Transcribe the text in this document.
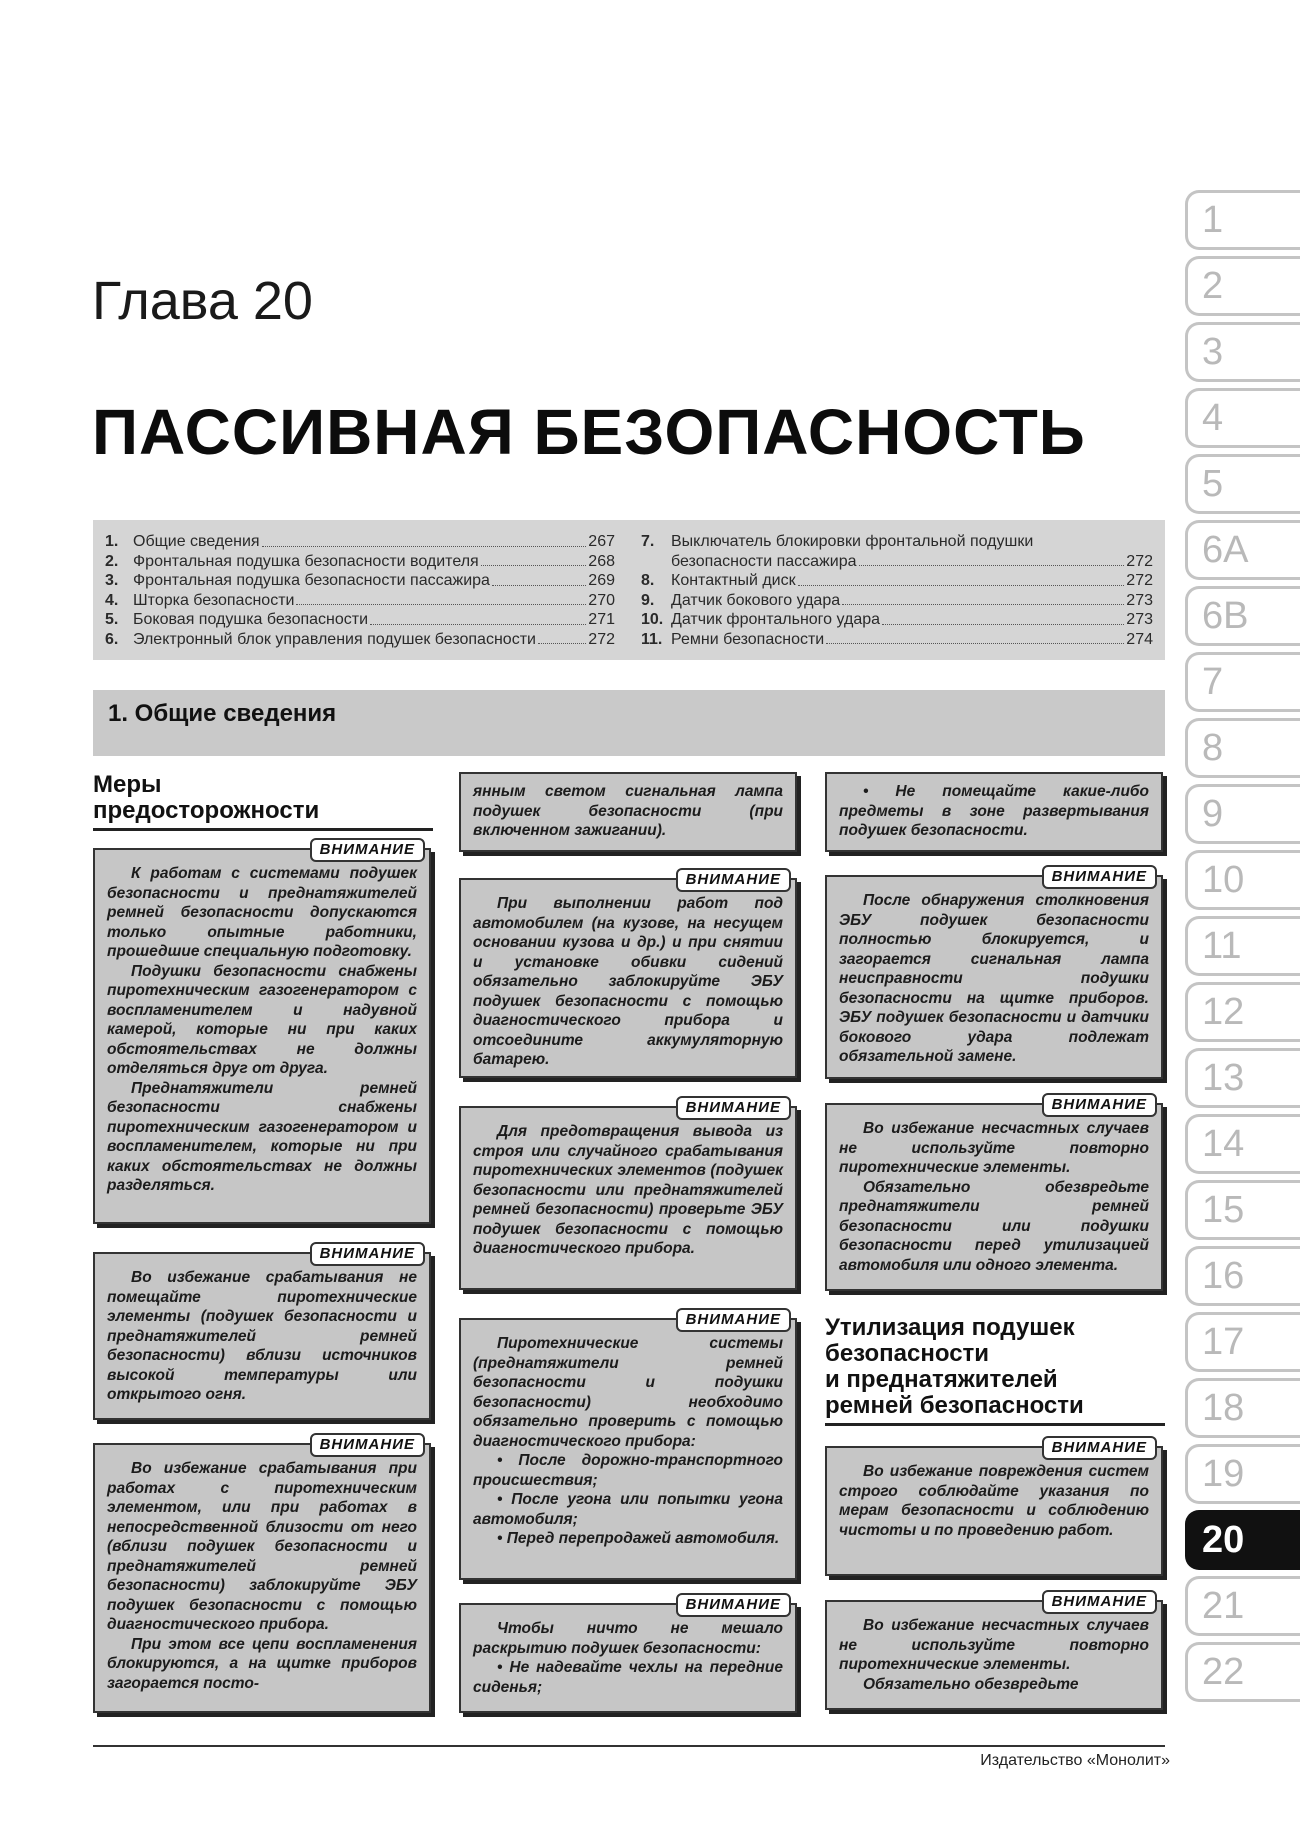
Глава 20
ПАССИВНАЯ БЕЗОПАСНОСТЬ
1. Общие сведения	267
2. Фронтальная подушка безопасности водителя	268
3. Фронтальная подушка безопасности пассажира	269
4. Шторка безопасности	270
5. Боковая подушка безопасности	271
6. Электронный блок управления подушек безопасности	272
7.	Выключатель блокировки фронтальной подушки
безопасности пассажира	272
8.	Контактный диск	272
9.	Датчик бокового удара	273
10. Датчик фронтального удара	273
11. Ремни безопасности	274
1. Общие сведения
Меры
предосторожности
ВНИМАНИЕ

К работам с системами подушек безопасности и преднатяжителей ремней безопасности допускаются только опытные работники, прошедшие специальную подготовку.

Подушки безопасности снабжены пиротехническим газогенератором с воспламенителем и надувной камерой, которые ни при каких обстоятельствах не должны отделяться друг от друга.

Преднатяжители ремней безопасности снабжены пиротехническим газогенератором и воспламенителем, которые ни при каких обстоятельствах не должны разделяться.

ВНИМАНИЕ

Во избежание срабатывания не помещайте пиротехнические элементы (подушек безопасности и преднатяжителей ремней безопасности) вблизи источников высокой температуры или открытого огня.

ВНИМАНИЕ

Во избежание срабатывания при работах с пиротехническим элементом, или при работах в непосредственной близости от него (вблизи подушек безопасности и преднатяжителей ремней безопасности) заблокируйте ЭБУ подушек безопасности с помощью диагностического прибора.

При этом все цепи воспламенения блокируются, а на щитке приборов загорается посто-

янным светом сигнальная лампа подушек безопасности (при включенном зажигании).

ВНИМАНИЕ

При выполнении работ под автомобилем (на кузове, на несущем основании кузова и др.) и при снятии и установке обивки сидений обязательно заблокируйте ЭБУ подушек безопасности с помощью диагностического прибора и отсоедините аккумуляторную батарею.

ВНИМАНИЕ

Для предотвращения вывода из строя или случайного срабатывания пиротехнических элементов (подушек безопасности или преднатяжителей ремней безопасности) проверьте ЭБУ подушек безопасности с помощью диагностического прибора.

ВНИМАНИЕ

Пиротехнические системы (преднатяжители ремней безопасности и подушки безопасности) необходимо обязательно проверить с помощью диагностического прибора:

• После дорожно-транспортного происшествия;

• После угона или попытки угона автомобиля;

• Перед перепродажей автомобиля.

ВНИМАНИЕ

Чтобы ничто не мешало раскрытию подушек безопасности:

• Не надевайте чехлы на передние сиденья;

• Не помещайте какие-либо предметы в зоне развертывания подушек безопасности.

ВНИМАНИЕ

После обнаружения столкновения ЭБУ подушек безопасности полностью блокируется, и загорается сигнальная лампа неисправности подушки безопасности на щитке приборов. ЭБУ подушек безопасности и датчики бокового удара подлежат обязательной замене.

ВНИМАНИЕ

Во избежание несчастных случаев не используйте повторно пиротехнические элементы.

Обязательно обезвредьте преднатяжители ремней безопасности или подушки безопасности перед утилизацией автомобиля или одного элемента.

Утилизация подушек
безопасности
и преднатяжителей
ремней безопасности
ВНИМАНИЕ

Во избежание повреждения систем строго соблюдайте указания по мерам безопасности и соблюдению чистоты и по проведению работ.

ВНИМАНИЕ

Во избежание несчастных случаев не используйте повторно пиротехнические элементы.

Обязательно обезвредьте

1
2
3
4
5
6A
6B
7
8
9
10
11
12
13
14
15
16
17
18
19
20
21
22
Издательство «Монолит»
